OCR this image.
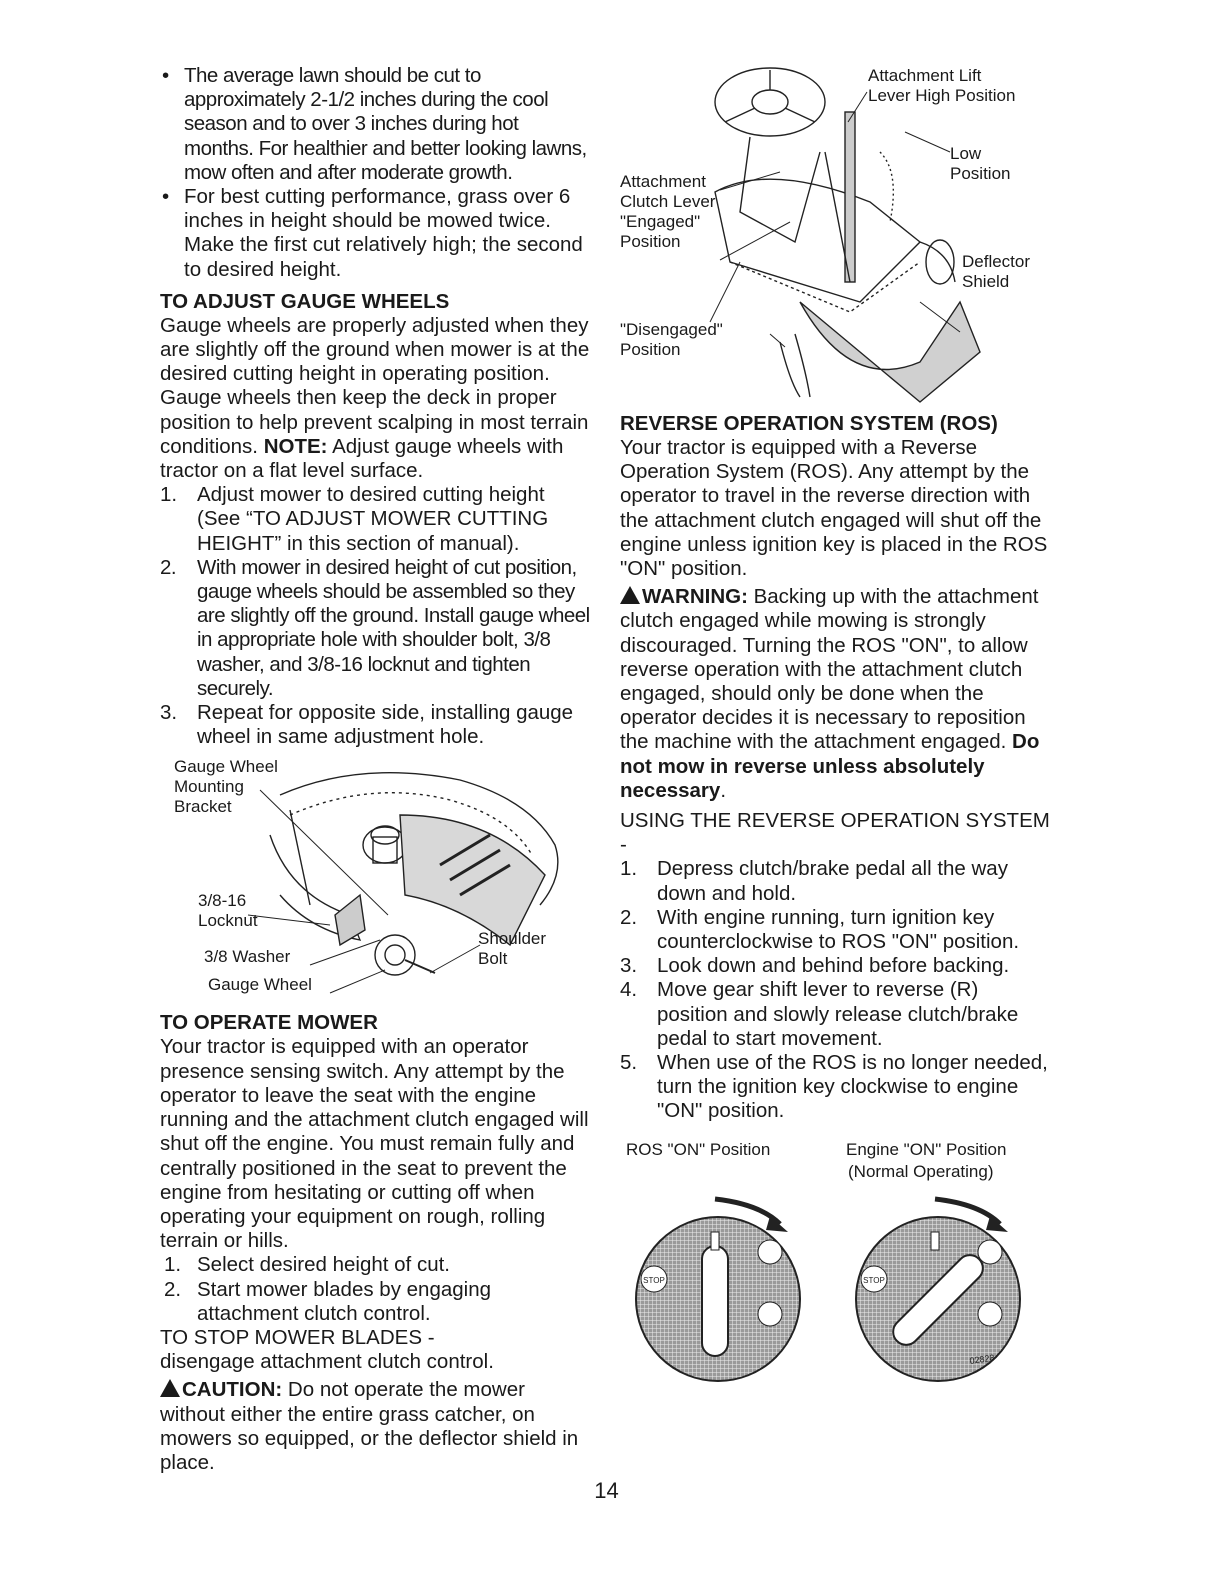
• The average lawn should be cut to approximately 2-1/2 inches during the cool season and to over 3 inches during hot months. For healthier and better looking lawns, mow often and after moderate growth.

• For best cutting performance, grass over 6 inches in height should be mowed twice. Make the first cut relatively high; the second to desired height.

TO ADJUST GAUGE WHEELS

Gauge wheels are properly adjusted when they are slightly off the ground when mower is at the desired cutting height in operating position. Gauge wheels then keep the deck in proper position to help prevent scalping in most terrain conditions. NOTE: Adjust gauge wheels with tractor on a flat level surface.

1. Adjust mower to desired cutting height (See “TO ADJUST MOWER CUTTING HEIGHT” in this section of manual).

2. With mower in desired height of cut position, gauge wheels should be assembled so they are slightly off the ground. Install gauge wheel in appropriate hole with shoulder bolt, 3/8 washer, and 3/8-16 locknut and tighten securely.

3. Repeat for opposite side, installing gauge wheel in same adjustment hole.

Gauge Wheel
Mounting
Bracket
3/8-16
Locknut
3/8 Washer
Gauge Wheel
Shoulder
Bolt

TO OPERATE MOWER

Your tractor is equipped with an operator presence sensing switch. Any attempt by the operator to leave the seat with the engine running and the attachment clutch engaged will shut off the engine. You must remain fully and centrally positioned in the seat to prevent the engine from hesitating or cutting off when operating your equipment on rough, rolling terrain or hills.

1. Select desired height of cut.

2. Start mower blades by engaging attachment clutch control.

TO STOP MOWER BLADES -

disengage attachment clutch control.

CAUTION: Do not operate the mower without either the entire grass catcher, on mowers so equipped, or the deflector shield in place.

Attachment Lift
Lever High Position
Low
Position
Attachment
Clutch Lever
"Engaged"
Position
"Disengaged"
Position
Deflector
Shield

REVERSE OPERATION SYSTEM (ROS)

Your tractor is equipped with a Reverse Operation System (ROS). Any attempt by the operator to travel in the reverse direction with the attachment clutch engaged will shut off the engine unless ignition key is placed in the ROS "ON" position.

WARNING: Backing up with the attachment clutch engaged while mowing is strongly discouraged. Turning the ROS "ON", to allow reverse operation with the attachment clutch engaged, should only be done when the operator decides it is necessary to reposition the machine with the attachment engaged. Do not mow in reverse unless absolutely necessary.

USING THE REVERSE OPERATION SYSTEM -

1. Depress clutch/brake pedal all the way down and hold.

2. With engine running, turn ignition key counterclockwise to ROS "ON" position.

3. Look down and behind before backing.

4. Move gear shift lever to reverse (R) position and slowly release clutch/brake pedal to start movement.

5. When use of the ROS is no longer needed, turn the ignition key clockwise to engine "ON" position.

ROS "ON" Position	Engine "ON" Position
(Normal Operating)
STOP	STOP
02828
14
